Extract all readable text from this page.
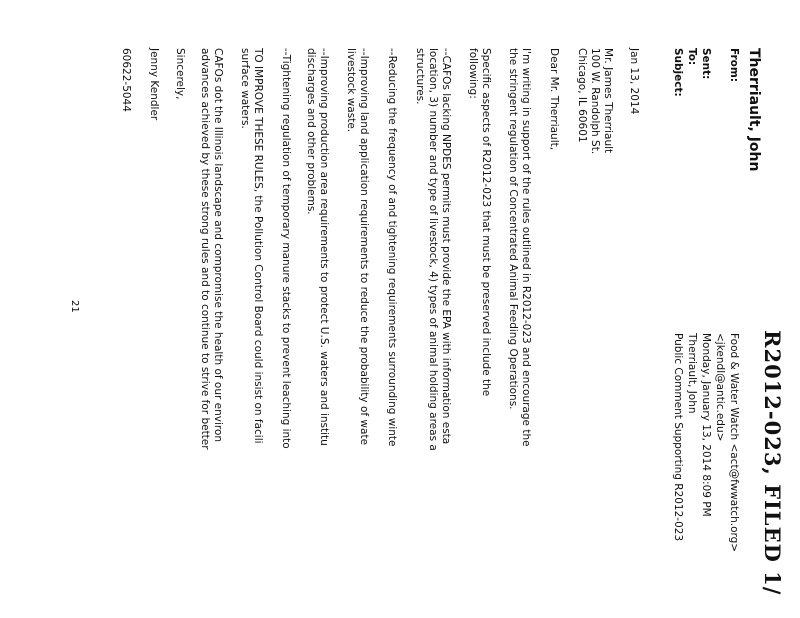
R2012-023, FILED 1/
Therriault, John
From:
Food & Water Watch <act@fwwatch.org>
<jkendl@antic.edu>
Sent:
Monday, January 13, 2014 8:09 PM
To:
Therriault, John
Subject:
Public Comment Supporting R2012-023
Jan 13, 2014
Mr. James Therriault
100 W. Randolph St.
Chicago, IL 60601
Dear Mr. Therriault,
I'm writing in support of the rules outlined in R2012-023 and encourage the
the stringent regulation of Concentrated Animal Feeding Operations.
Specific aspects of R2012-023 that must be preserved include the
following:
--CAFOs lacking NPDES permits must provide the EPA with information esta
location, 3) number and type of livestock, 4) types of animal holding areas a
structures.
--Reducing the frequency of and tightening requirements surrounding winte
--Improving land application requirements to reduce the probability of wate
livestock waste.
--Improving production area requirements to protect U.S. waters and institu
discharges and other problems.
--Tightening regulation of temporary manure stacks to prevent leaching into
TO IMPROVE THESE RULES, the Pollution Control Board could insist on facili
surface waters.
CAFOs dot the Illinois landscape and compromise the health of our environ
advances achieved by these strong rules and to continue to strive for better
Sincerely,
Jenny Kendler
60622-5044
21
